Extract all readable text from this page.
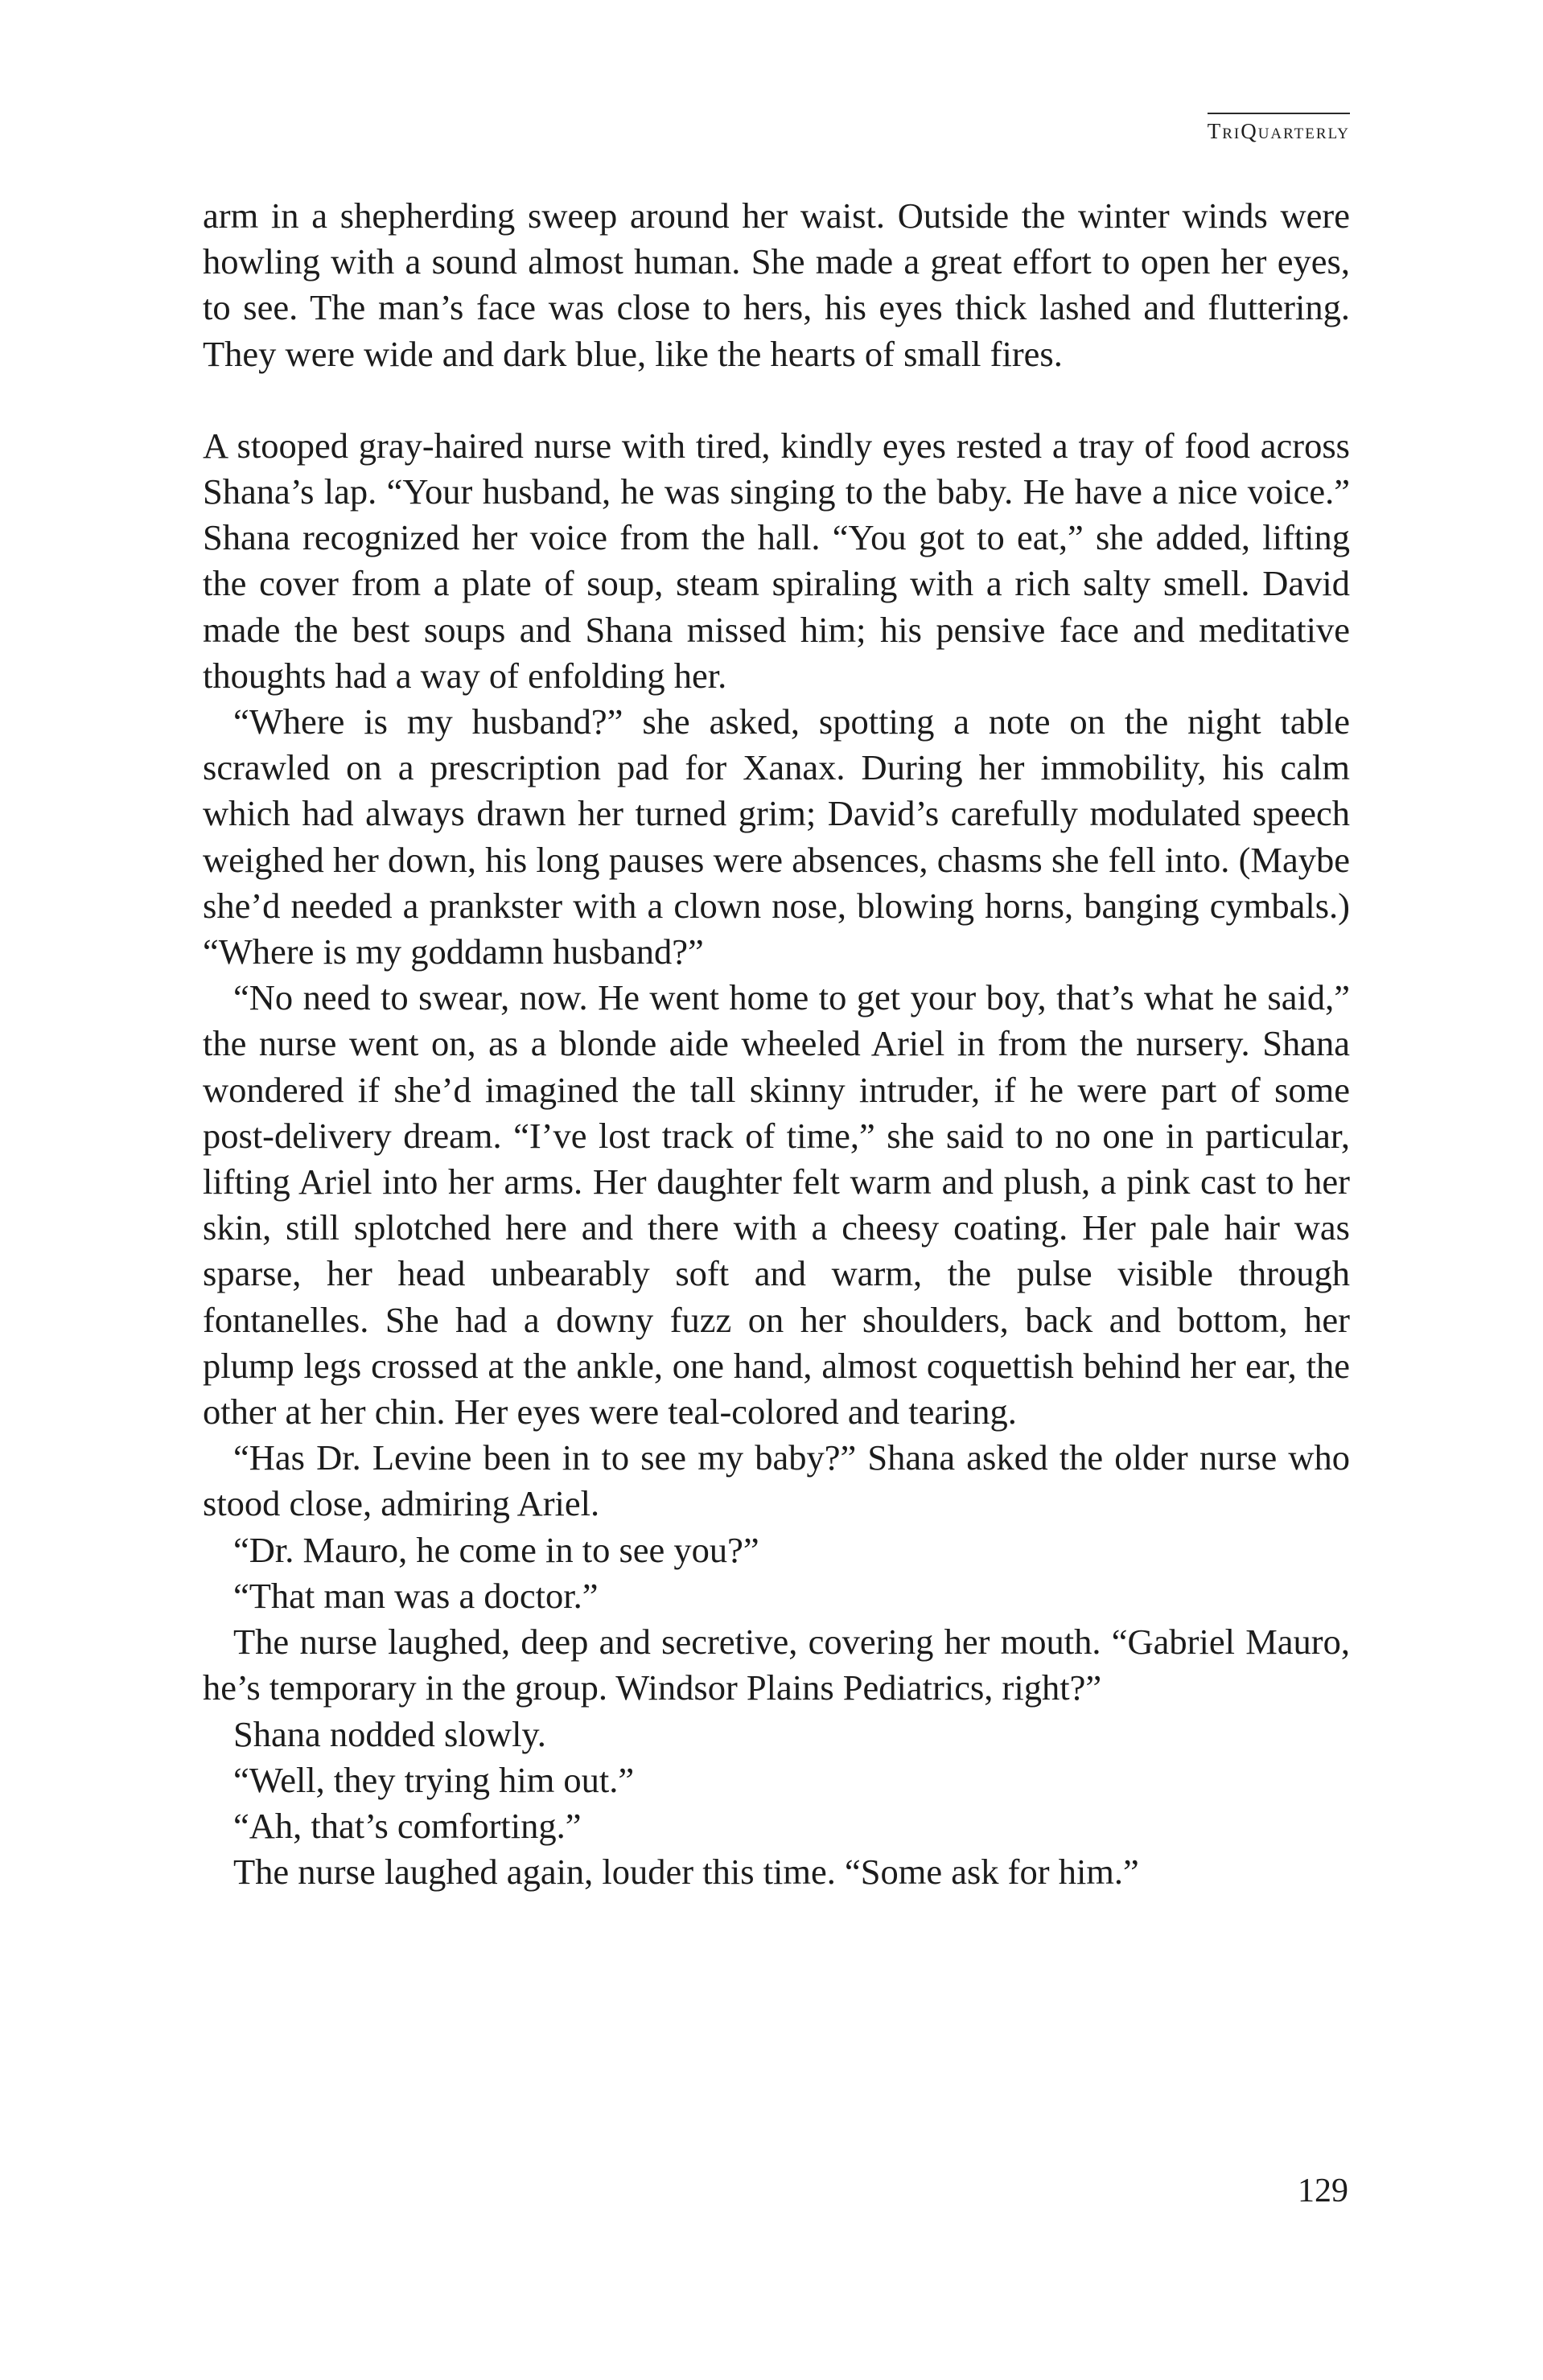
TriQuarterly

arm in a shepherding sweep around her waist. Outside the winter winds were howling with a sound almost human. She made a great effort to open her eyes, to see. The man’s face was close to hers, his eyes thick lashed and fluttering. They were wide and dark blue, like the hearts of small fires.

A stooped gray-haired nurse with tired, kindly eyes rested a tray of food across Shana’s lap. “Your husband, he was singing to the baby. He have a nice voice.” Shana recognized her voice from the hall. “You got to eat,” she added, lifting the cover from a plate of soup, steam spiraling with a rich salty smell. David made the best soups and Shana missed him; his pensive face and meditative thoughts had a way of enfolding her.

“Where is my husband?” she asked, spotting a note on the night table scrawled on a prescription pad for Xanax. During her immobility, his calm which had always drawn her turned grim; David’s carefully modulated speech weighed her down, his long pauses were absences, chasms she fell into. (Maybe she’d needed a prankster with a clown nose, blowing horns, banging cymbals.) “Where is my goddamn husband?”

“No need to swear, now. He went home to get your boy, that’s what he said,” the nurse went on, as a blonde aide wheeled Ariel in from the nursery. Shana wondered if she’d imagined the tall skinny intruder, if he were part of some post-delivery dream. “I’ve lost track of time,” she said to no one in particular, lifting Ariel into her arms. Her daughter felt warm and plush, a pink cast to her skin, still splotched here and there with a cheesy coating. Her pale hair was sparse, her head unbearably soft and warm, the pulse visible through fontanelles. She had a downy fuzz on her shoulders, back and bottom, her plump legs crossed at the ankle, one hand, almost coquettish behind her ear, the other at her chin. Her eyes were teal-colored and tearing.

“Has Dr. Levine been in to see my baby?” Shana asked the older nurse who stood close, admiring Ariel.

“Dr. Mauro, he come in to see you?”

“That man was a doctor.”

The nurse laughed, deep and secretive, covering her mouth. “Gabriel Mauro, he’s temporary in the group. Windsor Plains Pediatrics, right?”

Shana nodded slowly.

“Well, they trying him out.”

“Ah, that’s comforting.”

The nurse laughed again, louder this time. “Some ask for him.”

129
